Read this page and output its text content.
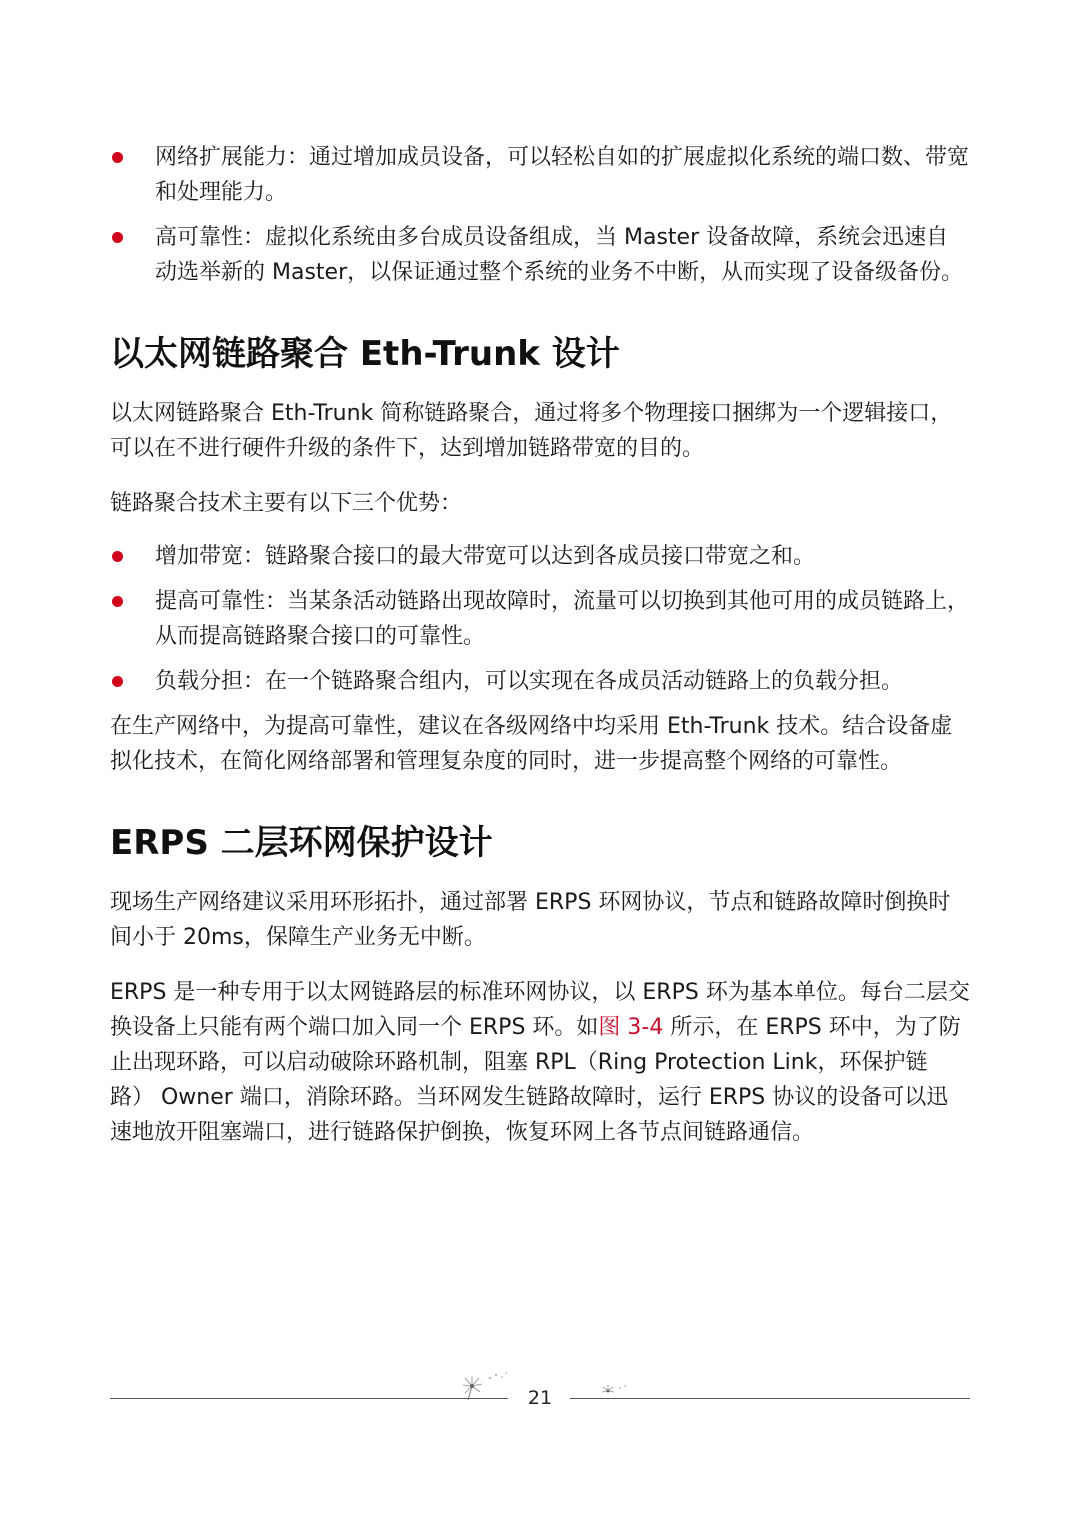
网络扩展能力：通过增加成员设备，可以轻松自如的扩展虚拟化系统的端口数、带宽和处理能力。
高可靠性：虚拟化系统由多台成员设备组成，当 Master 设备故障，系统会迅速自动选举新的 Master，以保证通过整个系统的业务不中断，从而实现了设备级备份。
以太网链路聚合 Eth-Trunk 设计

以太网链路聚合 Eth-Trunk 简称链路聚合，通过将多个物理接口捆绑为一个逻辑接口，可以在不进行硬件升级的条件下，达到增加链路带宽的目的。

链路聚合技术主要有以下三个优势：

增加带宽：链路聚合接口的最大带宽可以达到各成员接口带宽之和。
提高可靠性：当某条活动链路出现故障时，流量可以切换到其他可用的成员链路上，从而提高链路聚合接口的可靠性。
负载分担：在一个链路聚合组内，可以实现在各成员活动链路上的负载分担。

在生产网络中，为提高可靠性，建议在各级网络中均采用 Eth-Trunk 技术。结合设备虚拟化技术，在简化网络部署和管理复杂度的同时，进一步提高整个网络的可靠性。

ERPS 二层环网保护设计

现场生产网络建议采用环形拓扑，通过部署 ERPS 环网协议，节点和链路故障时倒换时间小于 20ms，保障生产业务无中断。

ERPS 是一种专用于以太网链路层的标准环网协议，以 ERPS 环为基本单位。每台二层交换设备上只能有两个端口加入同一个 ERPS 环。如图 3-4 所示，在 ERPS 环中，为了防止出现环路，可以启动破除环路机制，阻塞 RPL（Ring Protection Link，环保护链路） Owner 端口，消除环路。当环网发生链路故障时，运行 ERPS 协议的设备可以迅速地放开阻塞端口，进行链路保护倒换，恢复环网上各节点间链路通信。

21
